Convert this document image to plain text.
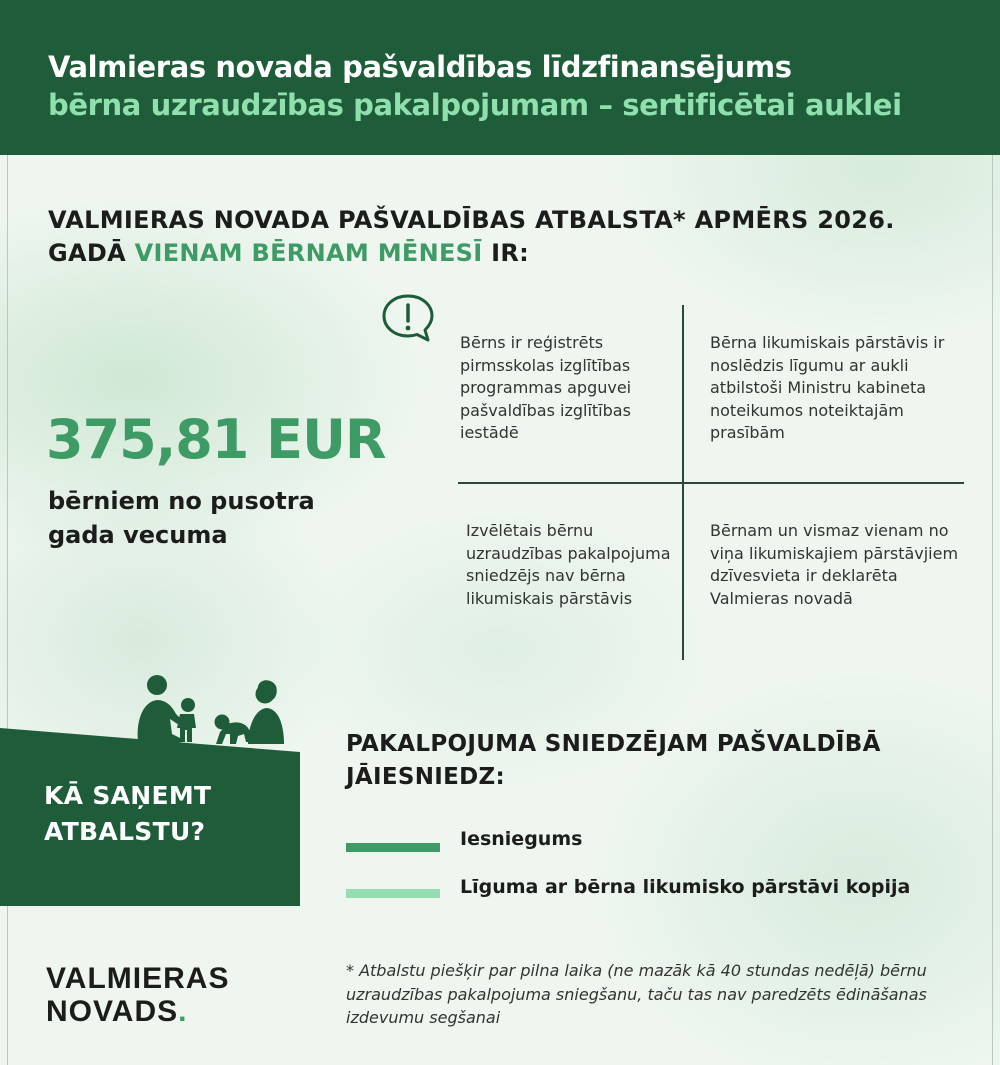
Valmieras novada pašvaldības līdzfinansējums
bērna uzraudzības pakalpojumam – sertificētai auklei
VALMIERAS NOVADA PAŠVALDĪBAS ATBALSTA* APMĒRS 2026. GADĀ VIENAM BĒRNAM MĒNESĪ IR:
375,81 EUR
bērniem no pusotra gada vecuma
Bērns ir reģistrēts pirmsskolas izglītības programmas apguvei pašvaldības izglītības iestādē
Bērna likumiskais pārstāvis ir noslēdzis līgumu ar aukli atbilstoši Ministru kabineta noteikumos noteiktajām prasībām
Izvēlētais bērnu uzraudzības pakalpojuma sniedzējs nav bērna likumiskais pārstāvis
Bērnam un vismaz vienam no viņa likumiskajiem pārstāvjiem dzīvesvieta ir deklarēta Valmieras novadā
KĀ SAŅEMT ATBALSTU?
PAKALPOJUMA SNIEDZĒJAM PAŠVALDĪBĀ JĀIESNIEDZ:
Iesniegums
Līguma ar bērna likumisko pārstāvi kopija
VALMIERAS
NOVADS.
* Atbalstu piešķir par pilna laika (ne mazāk kā 40 stundas nedēļā) bērnu uzraudzības pakalpojuma sniegšanu, taču tas nav paredzēts ēdināšanas izdevumu segšanai
